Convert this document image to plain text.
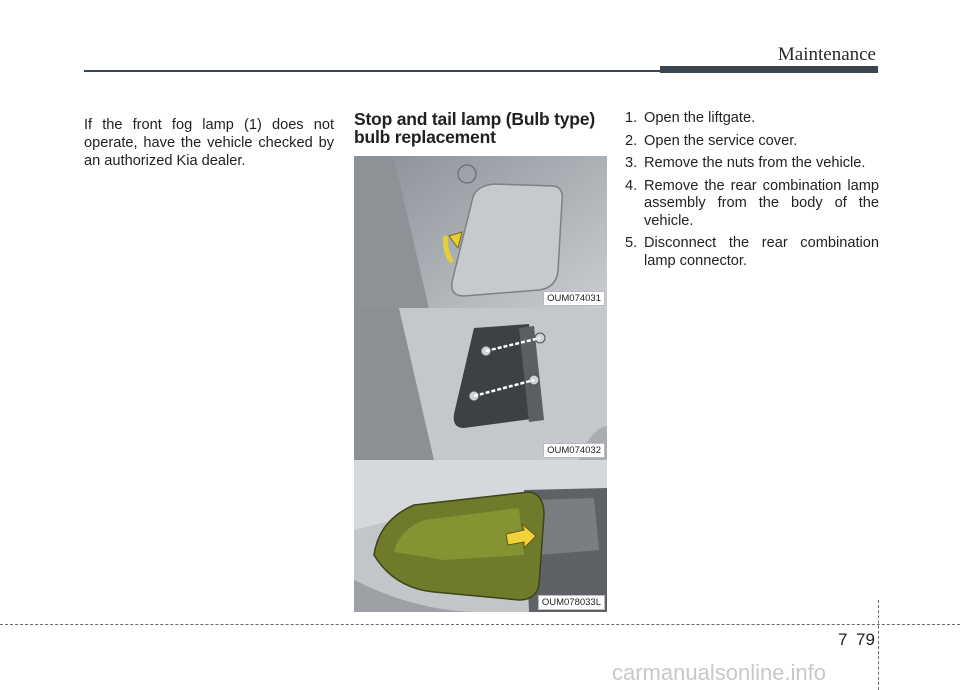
Maintenance
If the front fog lamp (1) does not operate, have the vehicle checked by an authorized Kia dealer.
Stop and tail lamp (Bulb type) bulb replacement
OUM074031
OUM074032
OUM078033L
1. Open the liftgate.
2. Open the service cover.
3. Remove the nuts from the vehicle.
4. Remove the rear combination lamp assembly from the body of the vehicle.
5. Disconnect the rear combination lamp connector.
7 79
carmanualsonline.info
